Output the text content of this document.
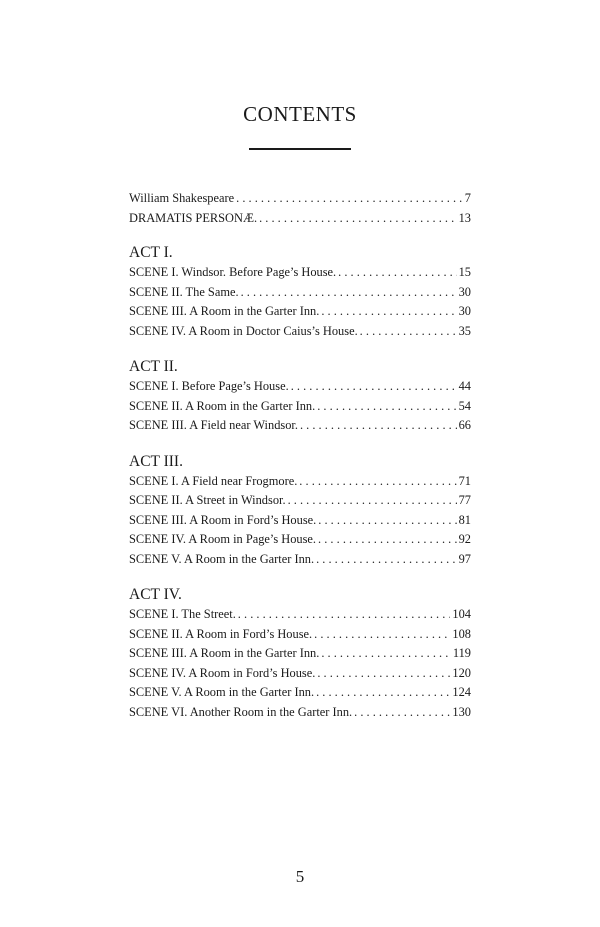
CONTENTS
William Shakespeare . . .	7
DRAMATIS PERSONÆ. . . .	13
ACT I.
SCENE I. Windsor. Before Page’s House. . . .	15
SCENE II. The Same. . . .	30
SCENE III. A Room in the Garter Inn. . . .	30
SCENE IV. A Room in Doctor Caius’s House. . . .	35
ACT II.
SCENE I. Before Page’s House. . . .	44
SCENE II. A Room in the Garter Inn. . . .	54
SCENE III. A Field near Windsor. . . .	66
ACT III.
SCENE I. A Field near Frogmore. . . .	71
SCENE II. A Street in Windsor. . . .	77
SCENE III. A Room in Ford’s House. . . .	81
SCENE IV. A Room in Page’s House. . . .	92
SCENE V. A Room in the Garter Inn. . . .	97
ACT IV.
SCENE I. The Street. . . .	104
SCENE II. A Room in Ford’s House. . . .	108
SCENE III. A Room in the Garter Inn. . . .	119
SCENE IV. A Room in Ford’s House. . . .	120
SCENE V. A Room in the Garter Inn. . . .	124
SCENE VI. Another Room in the Garter Inn. . . .	130
5
